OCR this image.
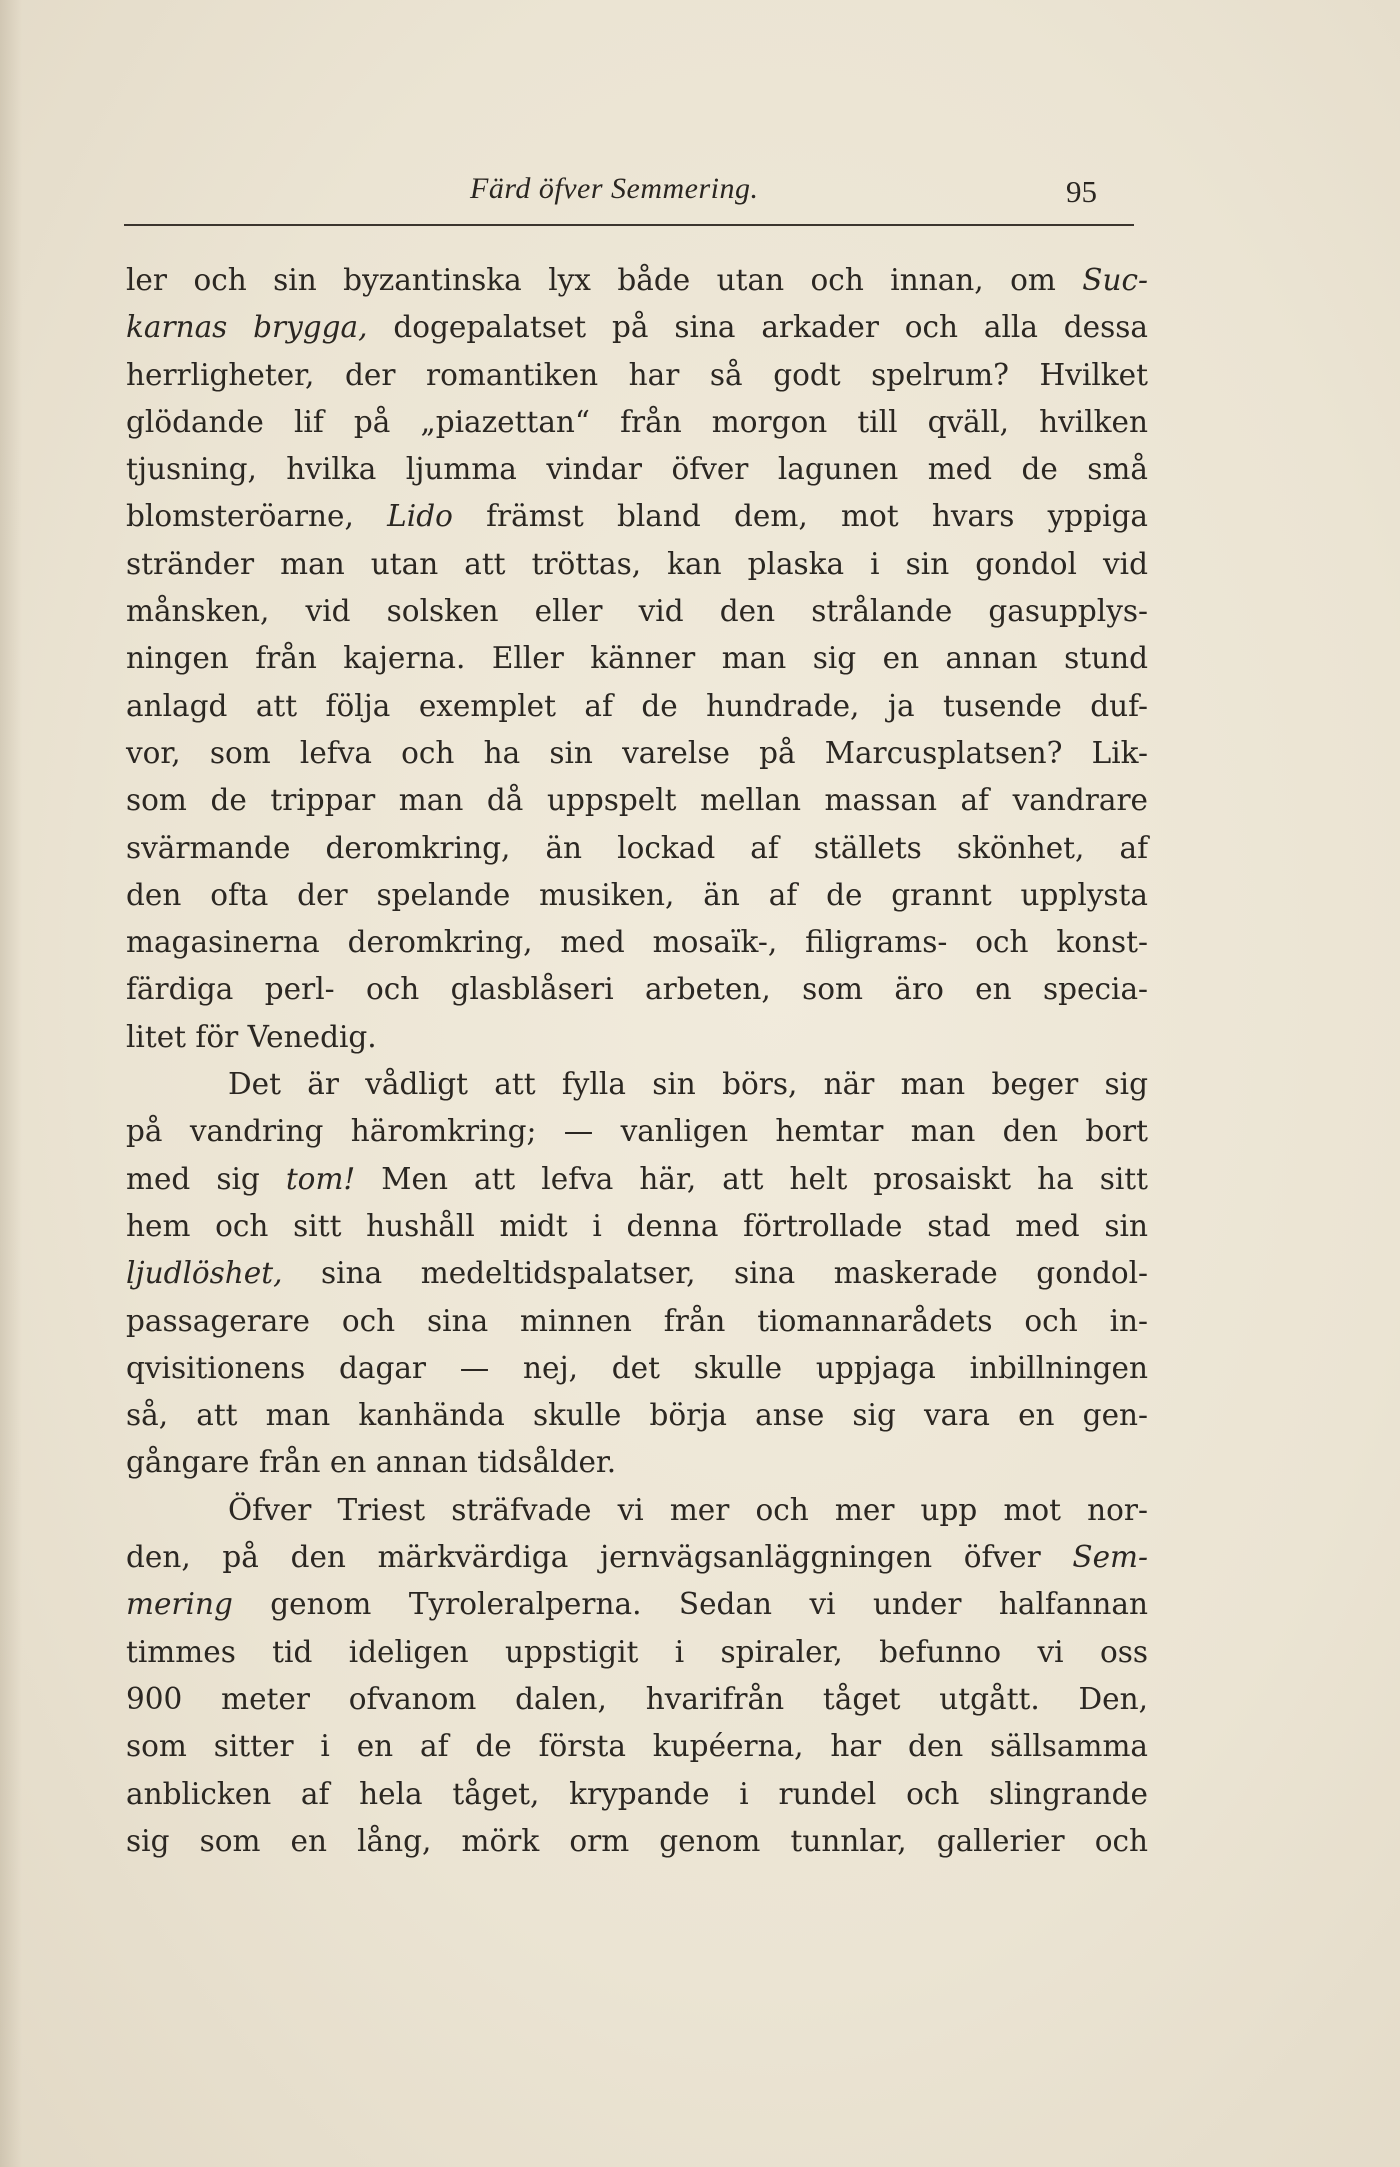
Färd öfver Semmering.	95
ler och sin byzantinska lyx både utan och innan, om Suc-
karnas brygga, dogepalatset på sina arkader och alla dessa
herrligheter, der romantiken har så godt spelrum? Hvilket
glödande lif på „piazettan“ från morgon till qväll, hvilken
tjusning, hvilka ljumma vindar öfver lagunen med de små
blomsteröarne, Lido främst bland dem, mot hvars yppiga
stränder man utan att tröttas, kan plaska i sin gondol vid
månsken, vid solsken eller vid den strålande gasupplys-
ningen från kajerna. Eller känner man sig en annan stund
anlagd att följa exemplet af de hundrade, ja tusende duf-
vor, som lefva och ha sin varelse på Marcusplatsen? Lik-
som de trippar man då uppspelt mellan massan af vandrare
svärmande deromkring, än lockad af ställets skönhet, af
den ofta der spelande musiken, än af de grannt upplysta
magasinerna deromkring, med mosaïk-, filigrams- och konst-
färdiga perl- och glasblåseri arbeten, som äro en specia-
litet för Venedig.
Det är vådligt att fylla sin börs, när man beger sig
på vandring häromkring; — vanligen hemtar man den bort
med sig tom! Men att lefva här, att helt prosaiskt ha sitt
hem och sitt hushåll midt i denna förtrollade stad med sin
ljudlöshet, sina medeltidspalatser, sina maskerade gondol-
passagerare och sina minnen från tiomannarådets och in-
qvisitionens dagar — nej, det skulle uppjaga inbillningen
så, att man kanhända skulle börja anse sig vara en gen-
gångare från en annan tidsålder.
Öfver Triest sträfvade vi mer och mer upp mot nor-
den, på den märkvärdiga jernvägsanläggningen öfver Sem-
mering genom Tyroleralperna. Sedan vi under halfannan
timmes tid ideligen uppstigit i spiraler, befunno vi oss
900 meter ofvanom dalen, hvarifrån tåget utgått. Den,
som sitter i en af de första kupéerna, har den sällsamma
anblicken af hela tåget, krypande i rundel och slingrande
sig som en lång, mörk orm genom tunnlar, gallerier och
